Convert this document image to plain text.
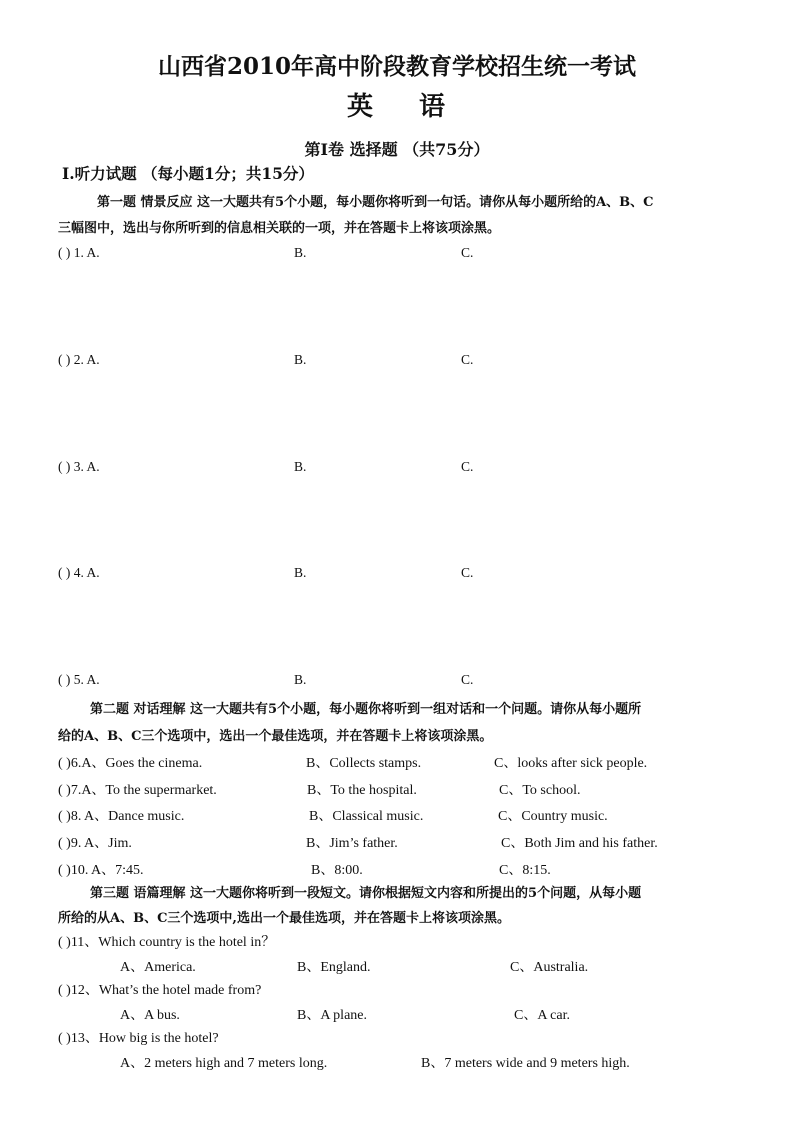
山西省2010年高中阶段教育学校招生统一考试
英 语
第Ⅰ卷 选择题 （共75分）
Ⅰ.听力试题 （每小题1分；共15分）
第一题 情景反应 这一大题共有5个小题，每小题你将听到一句话。请你从每小题所给的A、B、C
三幅图中，选出与你所听到的信息相关联的一项，并在答题卡上将该项涂黑。
( ) 1. A.	B.	C.
( ) 2. A.	B.	C.
( ) 3. A.	B.	C.
( ) 4. A.	B.	C.
( ) 5. A.	B.	C.
第二题 对话理解 这一大题共有5个小题，每小题你将听到一组对话和一个问题。请你从每小题所
给的A、B、C三个选项中，选出一个最佳选项，并在答题卡上将该项涂黑。
( )6.A、Goes the cinema.	B、Collects stamps.	C、looks after sick people.
( )7.A、To the supermarket.	B、To the hospital.	C、To school.
( )8. A、Dance music.	B、Classical music.	C、Country music.
( )9. A、Jim.	B、Jim’s father.	C、Both Jim and his father.
( )10. A、7:45.	B、8:00.	C、8:15.
第三题 语篇理解 这一大题你将听到一段短文。请你根据短文内容和所提出的5个问题，从每小题
所给的从A、B、C三个选项中,选出一个最佳选项，并在答题卡上将该项涂黑。
( )11、Which country is the hotel in？
A、America.	B、England.	C、Australia.
( )12、What’s the hotel made from?
A、A bus.	B、A plane.	C、A car.
( )13、How big is the hotel?
A、2 meters high and 7 meters long.	B、7 meters wide and 9 meters high.
